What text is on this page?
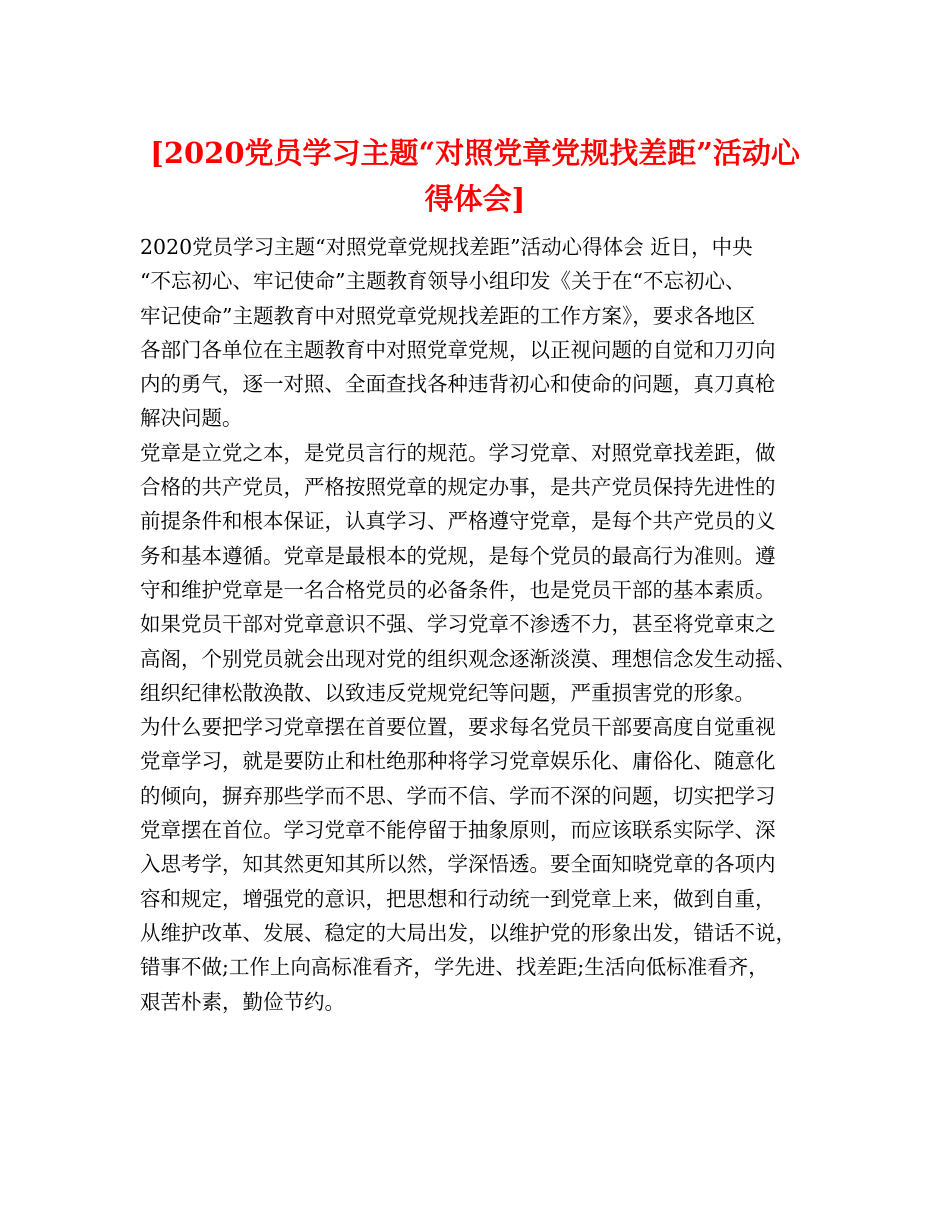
[2020党员学习主题“对照党章党规找差距”活动心
得体会]
2020党员学习主题“对照党章党规找差距”活动心得体会 近日，中央
“不忘初心、牢记使命”主题教育领导小组印发《关于在“不忘初心、
牢记使命”主题教育中对照党章党规找差距的工作方案》，要求各地区
各部门各单位在主题教育中对照党章党规，以正视问题的自觉和刀刃向
内的勇气，逐一对照、全面查找各种违背初心和使命的问题，真刀真枪
解决问题。
党章是立党之本，是党员言行的规范。学习党章、对照党章找差距，做
合格的共产党员，严格按照党章的规定办事，是共产党员保持先进性的
前提条件和根本保证，认真学习、严格遵守党章，是每个共产党员的义
务和基本遵循。党章是最根本的党规，是每个党员的最高行为准则。遵
守和维护党章是一名合格党员的必备条件，也是党员干部的基本素质。
如果党员干部对党章意识不强、学习党章不渗透不力，甚至将党章束之
高阁，个别党员就会出现对党的组织观念逐渐淡漠、理想信念发生动摇、
组织纪律松散涣散、以致违反党规党纪等问题，严重损害党的形象。
为什么要把学习党章摆在首要位置，要求每名党员干部要高度自觉重视
党章学习，就是要防止和杜绝那种将学习党章娱乐化、庸俗化、随意化
的倾向，摒弃那些学而不思、学而不信、学而不深的问题，切实把学习
党章摆在首位。学习党章不能停留于抽象原则，而应该联系实际学、深
入思考学，知其然更知其所以然，学深悟透。要全面知晓党章的各项内
容和规定，增强党的意识，把思想和行动统一到党章上来，做到自重，
从维护改革、发展、稳定的大局出发，以维护党的形象出发，错话不说，
错事不做;工作上向高标准看齐，学先进、找差距;生活向低标准看齐，
艰苦朴素，勤俭节约。
